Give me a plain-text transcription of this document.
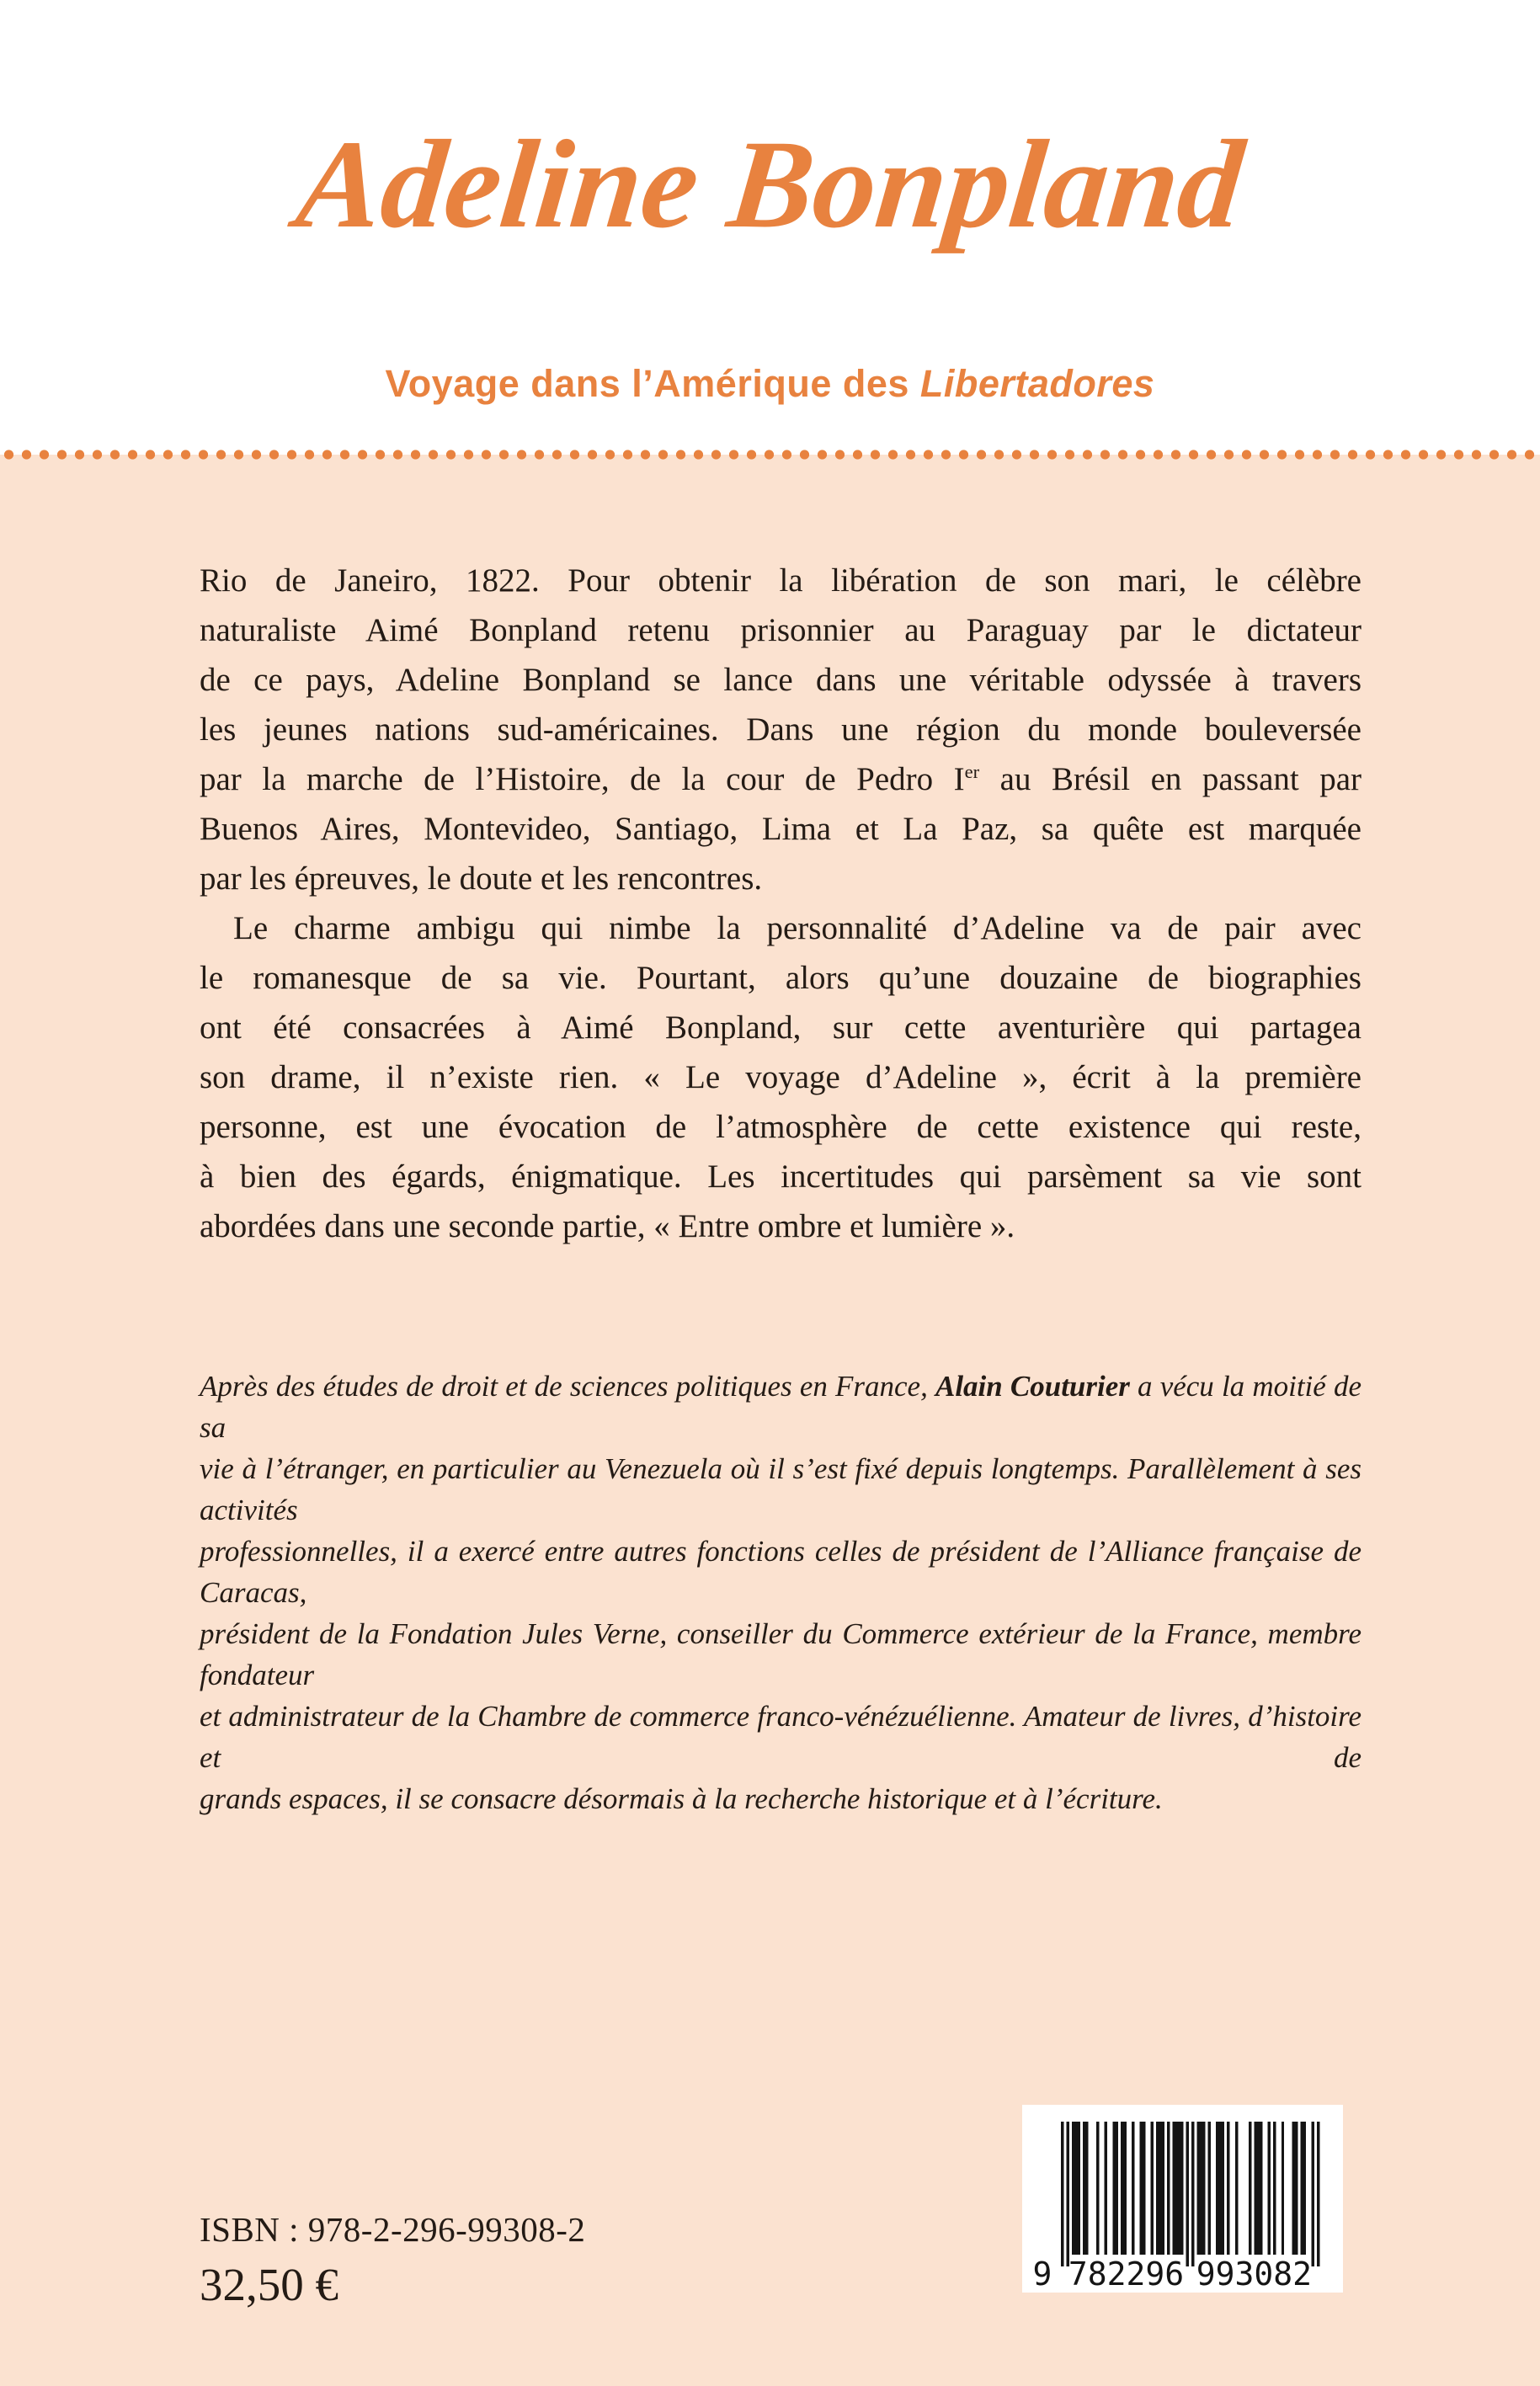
Adeline Bonpland
Voyage dans l’Amérique des Libertadores
Rio de Janeiro, 1822. Pour obtenir la libération de son mari, le célèbre
naturaliste Aimé Bonpland retenu prisonnier au Paraguay par le dictateur
de ce pays, Adeline Bonpland se lance dans une véritable odyssée à travers
les jeunes nations sud-américaines. Dans une région du monde bouleversée
par la marche de l’Histoire, de la cour de Pedro Ier au Brésil en passant par
Buenos Aires, Montevideo, Santiago, Lima et La Paz, sa quête est marquée
par les épreuves, le doute et les rencontres.
Le charme ambigu qui nimbe la personnalité d’Adeline va de pair avec
le romanesque de sa vie. Pourtant, alors qu’une douzaine de biographies
ont été consacrées à Aimé Bonpland, sur cette aventurière qui partagea
son drame, il n’existe rien. « Le voyage d’Adeline », écrit à la première
personne, est une évocation de l’atmosphère de cette existence qui reste,
à bien des égards, énigmatique. Les incertitudes qui parsèment sa vie sont
abordées dans une seconde partie, « Entre ombre et lumière ».
Après des études de droit et de sciences politiques en France, Alain Couturier a vécu la moitié de sa
vie à l’étranger, en particulier au Venezuela où il s’est fixé depuis longtemps. Parallèlement à ses activités
professionnelles, il a exercé entre autres fonctions celles de président de l’Alliance française de Caracas,
président de la Fondation Jules Verne, conseiller du Commerce extérieur de la France, membre fondateur
et administrateur de la Chambre de commerce franco-vénézuélienne. Amateur de livres, d’histoire et de
grands espaces, il se consacre désormais à la recherche historique et à l’écriture.
ISBN : 978-2-296-99308-2
32,50 €	9 782296 993082
